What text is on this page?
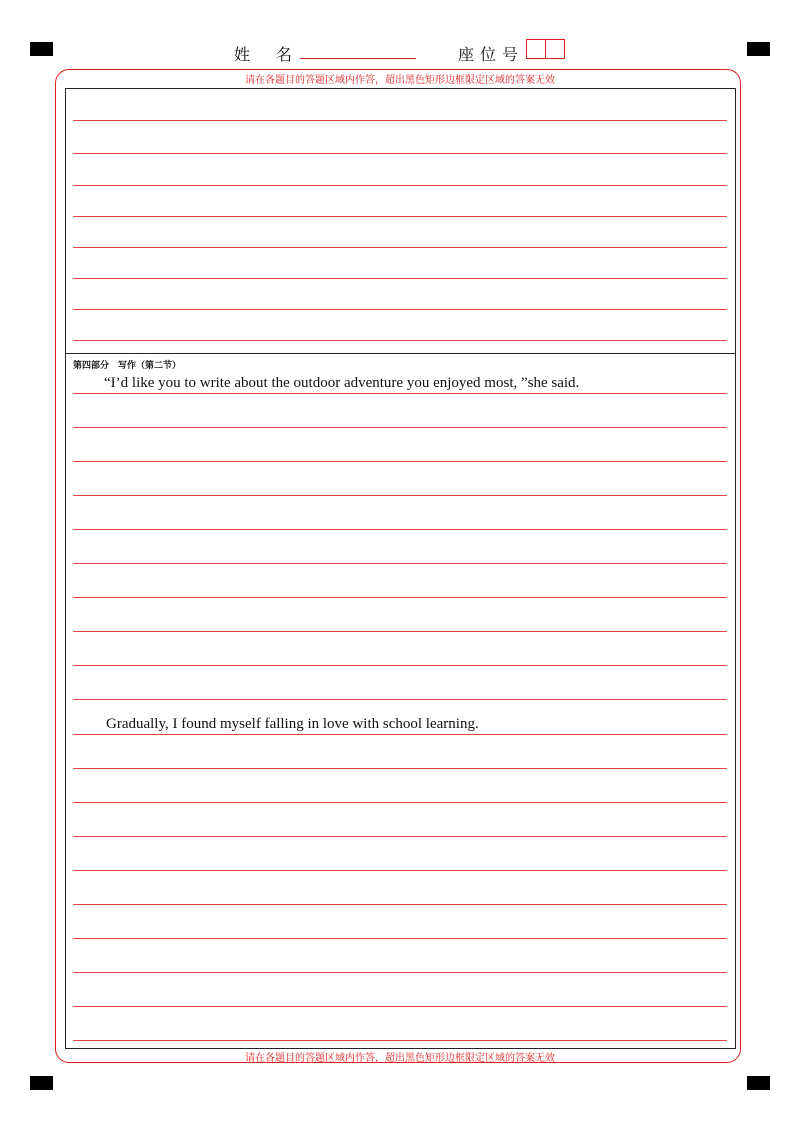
姓名	座位号
请在各题目的答题区域内作答，超出黑色矩形边框限定区域的答案无效
请在各题目的答题区域内作答，超出黑色矩形边框限定区域的答案无效
第四部分　写作（第二节）
“I’d like you to write about the outdoor adventure you enjoyed most, ”she said.
Gradually, I found myself falling in love with school learning.
